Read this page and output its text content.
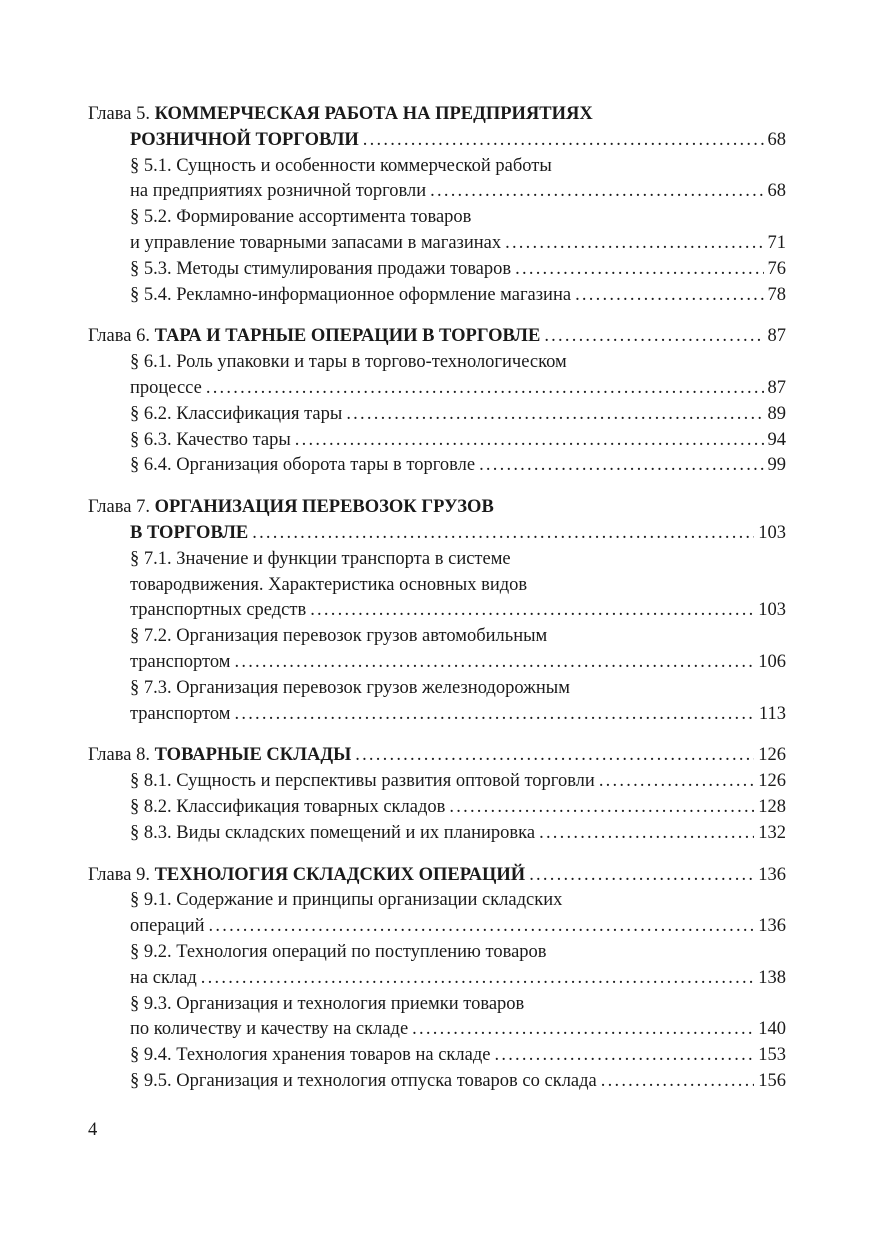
Глава 5. КОММЕРЧЕСКАЯ РАБОТА НА ПРЕДПРИЯТИЯХ
РОЗНИЧНОЙ ТОРГОВЛИ . . .	68
§ 5.1. Сущность и особенности коммерческой работы
на предприятиях розничной торговли . . .	68
§ 5.2. Формирование ассортимента товаров
и управление товарными запасами в магазинах . . .	71
§ 5.3. Методы стимулирования продажи товаров . . .	76
§ 5.4. Рекламно-информационное оформление магазина . . .	78
Глава 6. ТАРА И ТАРНЫЕ ОПЕРАЦИИ В ТОРГОВЛЕ . . .	87
§ 6.1. Роль упаковки и тары в торгово-технологическом
процессе . . .	87
§ 6.2. Классификация тары . . .	89
§ 6.3. Качество тары . . .	94
§ 6.4. Организация оборота тары в торговле . . .	99
Глава 7. ОРГАНИЗАЦИЯ ПЕРЕВОЗОК ГРУЗОВ
В ТОРГОВЛЕ . . .	103
§ 7.1. Значение и функции транспорта в системе
товародвижения. Характеристика основных видов
транспортных средств . . .	103
§ 7.2. Организация перевозок грузов автомобильным
транспортом . . .	106
§ 7.3. Организация перевозок грузов железнодорожным
транспортом . . .	113
Глава 8. ТОВАРНЫЕ СКЛАДЫ . . .	126
§ 8.1. Сущность и перспективы развития оптовой торговли . . .	126
§ 8.2. Классификация товарных складов . . .	128
§ 8.3. Виды складских помещений и их планировка . . .	132
Глава 9. ТЕХНОЛОГИЯ СКЛАДСКИХ ОПЕРАЦИЙ . . .	136
§ 9.1. Содержание и принципы организации складских
операций . . .	136
§ 9.2. Технология операций по поступлению товаров
на склад . . .	138
§ 9.3. Организация и технология приемки товаров
по количеству и качеству на складе . . .	140
§ 9.4. Технология хранения товаров на складе . . .	153
§ 9.5. Организация и технология отпуска товаров со склада . . .	156
4
